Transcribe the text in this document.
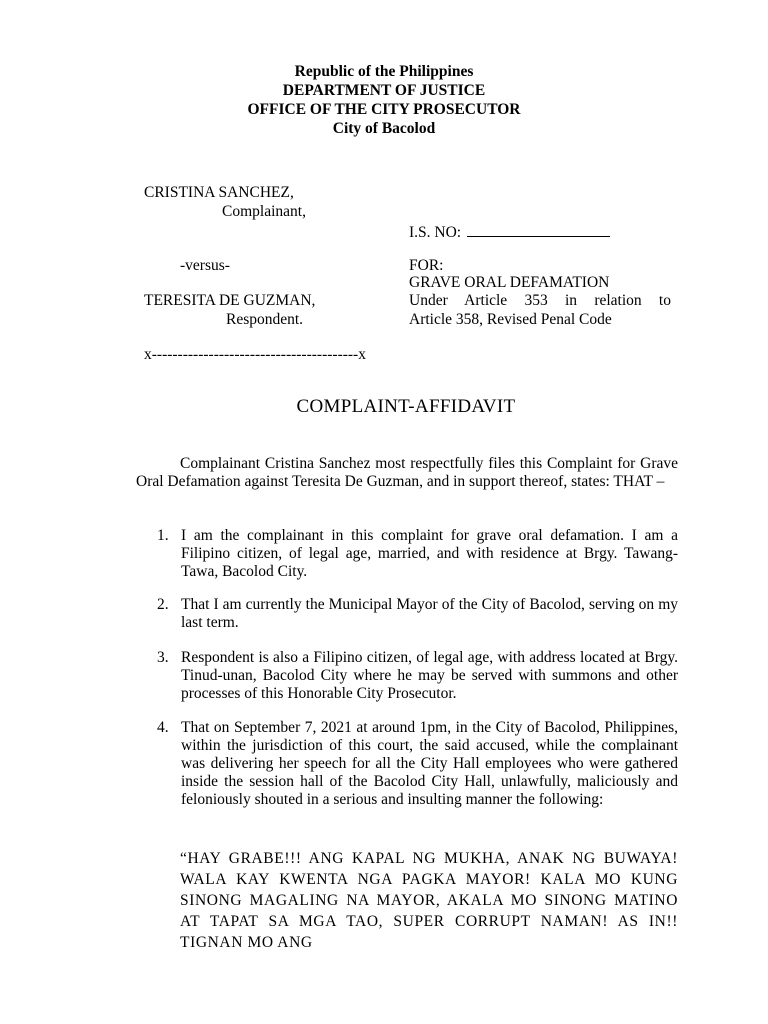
Republic of the Philippines
DEPARTMENT OF JUSTICE
OFFICE OF THE CITY PROSECUTOR
City of Bacolod
CRISTINA SANCHEZ,
Complainant,
-versus-
TERESITA DE GUZMAN,
Respondent.
x----------------------------------------x
I.S. NO:
FOR:
GRAVE ORAL DEFAMATION
Under Article 353 in relation to
Article 358, Revised Penal Code
COMPLAINT-AFFIDAVIT
Complainant Cristina Sanchez most respectfully files this Complaint for Grave Oral Defamation against Teresita De Guzman, and in support thereof, states: THAT –
1. I am the complainant in this complaint for grave oral defamation. I am a Filipino citizen, of legal age, married, and with residence at Brgy. Tawang-Tawa, Bacolod City.
2. That I am currently the Municipal Mayor of the City of Bacolod, serving on my last term.
3. Respondent is also a Filipino citizen, of legal age, with address located at Brgy. Tinud-unan, Bacolod City where he may be served with summons and other processes of this Honorable City Prosecutor.
4. That on September 7, 2021 at around 1pm, in the City of Bacolod, Philippines, within the jurisdiction of this court, the said accused, while the complainant was delivering her speech for all the City Hall employees who were gathered inside the session hall of the Bacolod City Hall, unlawfully, maliciously and feloniously shouted in a serious and insulting manner the following:
“HAY GRABE!!! ANG KAPAL NG MUKHA, ANAK NG BUWAYA! WALA KAY KWENTA NGA PAGKA MAYOR! KALA MO KUNG SINONG MAGALING NA MAYOR, AKALA MO SINONG MATINO AT TAPAT SA MGA TAO, SUPER CORRUPT NAMAN! AS IN!! TIGNAN MO ANG
